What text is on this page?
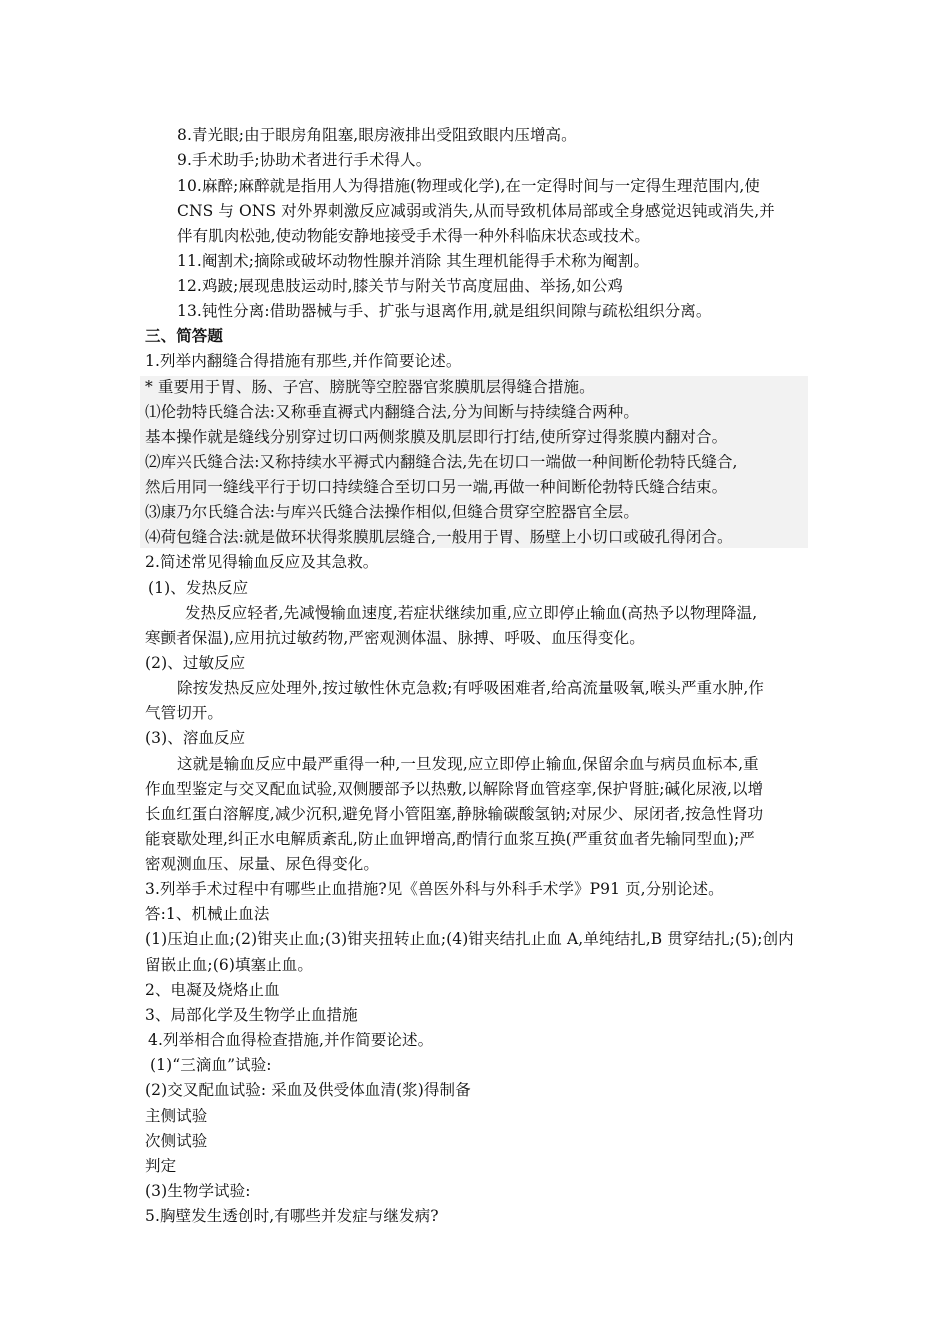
8.青光眼;由于眼房角阻塞,眼房液排出受阻致眼内压增高。
9.手术助手;协助术者进行手术得人。
10.麻醉;麻醉就是指用人为得措施(物理或化学),在一定得时间与一定得生理范围内,使
CNS 与 ONS 对外界刺激反应减弱或消失,从而导致机体局部或全身感觉迟钝或消失,并
伴有肌肉松弛,使动物能安静地接受手术得一种外科临床状态或技术。
11.阉割术;摘除或破坏动物性腺并消除 其生理机能得手术称为阉割。
12.鸡跛;展现患肢运动时,膝关节与附关节高度屈曲、举扬,如公鸡
13.钝性分离:借助器械与手、扩张与退离作用,就是组织间隙与疏松组织分离。
三、简答题
1.列举内翻缝合得措施有那些,并作简要论述。
* 重要用于胃、肠、子宫、膀胱等空腔器官浆膜肌层得缝合措施。
⑴伦勃特氏缝合法:又称垂直褥式内翻缝合法,分为间断与持续缝合两种。
基本操作就是缝线分别穿过切口两侧浆膜及肌层即行打结,使所穿过得浆膜内翻对合。
⑵库兴氏缝合法:又称持续水平褥式内翻缝合法,先在切口一端做一种间断伦勃特氏缝合,
然后用同一缝线平行于切口持续缝合至切口另一端,再做一种间断伦勃特氏缝合结束。
⑶康乃尔氏缝合法:与库兴氏缝合法操作相似,但缝合贯穿空腔器官全层。
⑷荷包缝合法:就是做环状得浆膜肌层缝合,一般用于胃、肠壁上小切口或破孔得闭合。
2.简述常见得输血反应及其急救。
(1)、发热反应
发热反应轻者,先减慢输血速度,若症状继续加重,应立即停止输血(高热予以物理降温,
寒颤者保温),应用抗过敏药物,严密观测体温、脉搏、呼吸、血压得变化。
(2)、过敏反应
除按发热反应处理外,按过敏性休克急救;有呼吸困难者,给高流量吸氧,喉头严重水肿,作
气管切开。
(3)、溶血反应
这就是输血反应中最严重得一种,一旦发现,应立即停止输血,保留余血与病员血标本,重
作血型鉴定与交叉配血试验,双侧腰部予以热敷,以解除肾血管痉挛,保护肾脏;碱化尿液,以增
长血红蛋白溶解度,减少沉积,避免肾小管阻塞,静脉输碳酸氢钠;对尿少、尿闭者,按急性肾功
能衰歇处理,纠正水电解质紊乱,防止血钾增高,酌情行血浆互换(严重贫血者先输同型血);严
密观测血压、尿量、尿色得变化。
3.列举手术过程中有哪些止血措施?见《兽医外科与外科手术学》P91 页,分别论述。
答:1、机械止血法
(1)压迫止血;(2)钳夹止血;(3)钳夹扭转止血;(4)钳夹结扎止血 A,单纯结扎,B 贯穿结扎;(5);创内
留嵌止血;(6)填塞止血。
2、电凝及烧烙止血
3、局部化学及生物学止血措施
4.列举相合血得检查措施,并作简要论述。
(1)“三滴血”试验:
(2)交叉配血试验: 采血及供受体血清(浆)得制备
主侧试验
次侧试验
判定
(3)生物学试验:
5.胸壁发生透创时,有哪些并发症与继发病?
